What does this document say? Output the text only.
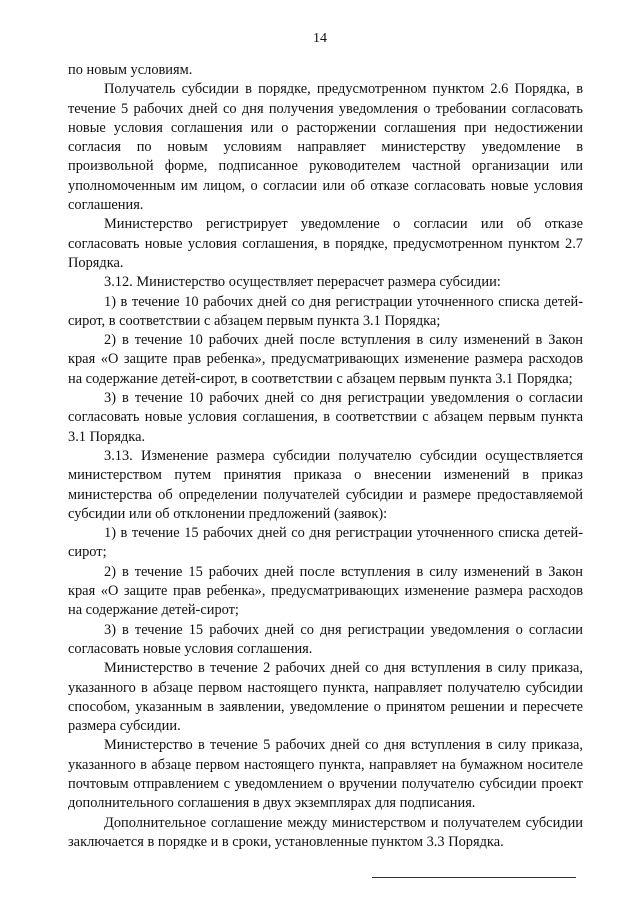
14

по новым условиям.

Получатель субсидии в порядке, предусмотренном пунктом 2.6 Порядка, в течение 5 рабочих дней со дня получения уведомления о требовании согласовать новые условия соглашения или о расторжении соглашения при недостижении согласия по новым условиям направляет министерству уведомление в произвольной форме, подписанное руководителем частной организации или уполномоченным им лицом, о согласии или об отказе согласовать новые условия соглашения.

Министерство регистрирует уведомление о согласии или об отказе согласовать новые условия соглашения, в порядке, предусмотренном пунктом 2.7 Порядка.

3.12. Министерство осуществляет перерасчет размера субсидии:

1) в течение 10 рабочих дней со дня регистрации уточненного списка детей-сирот, в соответствии с абзацем первым пункта 3.1 Порядка;

2) в течение 10 рабочих дней после вступления в силу изменений в Закон края «О защите прав ребенка», предусматривающих изменение размера расходов на содержание детей-сирот, в соответствии с абзацем первым пункта 3.1 Порядка;

3) в течение 10 рабочих дней со дня регистрации уведомления о согласии согласовать новые условия соглашения, в соответствии с абзацем первым пункта 3.1 Порядка.

3.13. Изменение размера субсидии получателю субсидии осуществляется министерством путем принятия приказа о внесении изменений в приказ министерства об определении получателей субсидии и размере предоставляемой субсидии или об отклонении предложений (заявок):

1) в течение 15 рабочих дней со дня регистрации уточненного списка детей-сирот;

2) в течение 15 рабочих дней после вступления в силу изменений в Закон края «О защите прав ребенка», предусматривающих изменение размера расходов на содержание детей-сирот;

3) в течение 15 рабочих дней со дня регистрации уведомления о согласии согласовать новые условия соглашения.

Министерство в течение 2 рабочих дней со дня вступления в силу приказа, указанного в абзаце первом настоящего пункта, направляет получателю субсидии способом, указанным в заявлении, уведомление о принятом решении и пересчете размера субсидии.

Министерство в течение 5 рабочих дней со дня вступления в силу приказа, указанного в абзаце первом настоящего пункта, направляет на бумажном носителе почтовым отправлением с уведомлением о вручении получателю субсидии проект дополнительного соглашения в двух экземплярах для подписания.

Дополнительное соглашение между министерством и получателем субсидии заключается в порядке и в сроки, установленные пунктом 3.3 Порядка.
